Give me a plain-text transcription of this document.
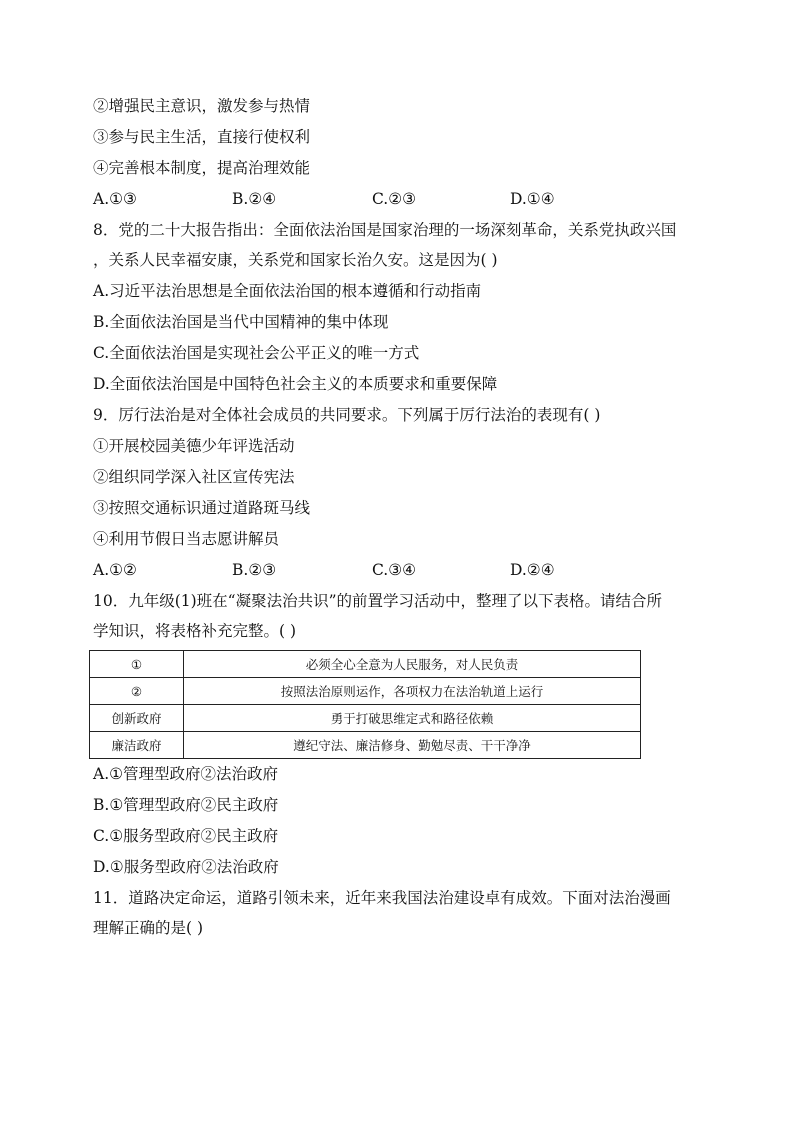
②增强民主意识，激发参与热情
③参与民主生活，直接行使权利
④完善根本制度，提高治理效能
A.①③	B.②④	C.②③	D.①④
8．党的二十大报告指出：全面依法治国是国家治理的一场深刻革命，关系党执政兴国
，关系人民幸福安康，关系党和国家长治久安。这是因为( )
A.习近平法治思想是全面依法治国的根本遵循和行动指南
B.全面依法治国是当代中国精神的集中体现
C.全面依法治国是实现社会公平正义的唯一方式
D.全面依法治国是中国特色社会主义的本质要求和重要保障
9．厉行法治是对全体社会成员的共同要求。下列属于厉行法治的表现有( )
①开展校园美德少年评选活动
②组织同学深入社区宣传宪法
③按照交通标识通过道路斑马线
④利用节假日当志愿讲解员
A.①②	B.②③	C.③④	D.②④
10．九年级(1)班在“凝聚法治共识”的前置学习活动中，整理了以下表格。请结合所
学知识，将表格补充完整。( )
①	必须全心全意为人民服务，对人民负责
②	按照法治原则运作，各项权力在法治轨道上运行
创新政府	勇于打破思维定式和路径依赖
廉洁政府	遵纪守法、廉洁修身、勤勉尽责、干干净净
A.①管理型政府②法治政府
B.①管理型政府②民主政府
C.①服务型政府②民主政府
D.①服务型政府②法治政府
11．道路决定命运，道路引领未来，近年来我国法治建设卓有成效。下面对法治漫画
理解正确的是( )
